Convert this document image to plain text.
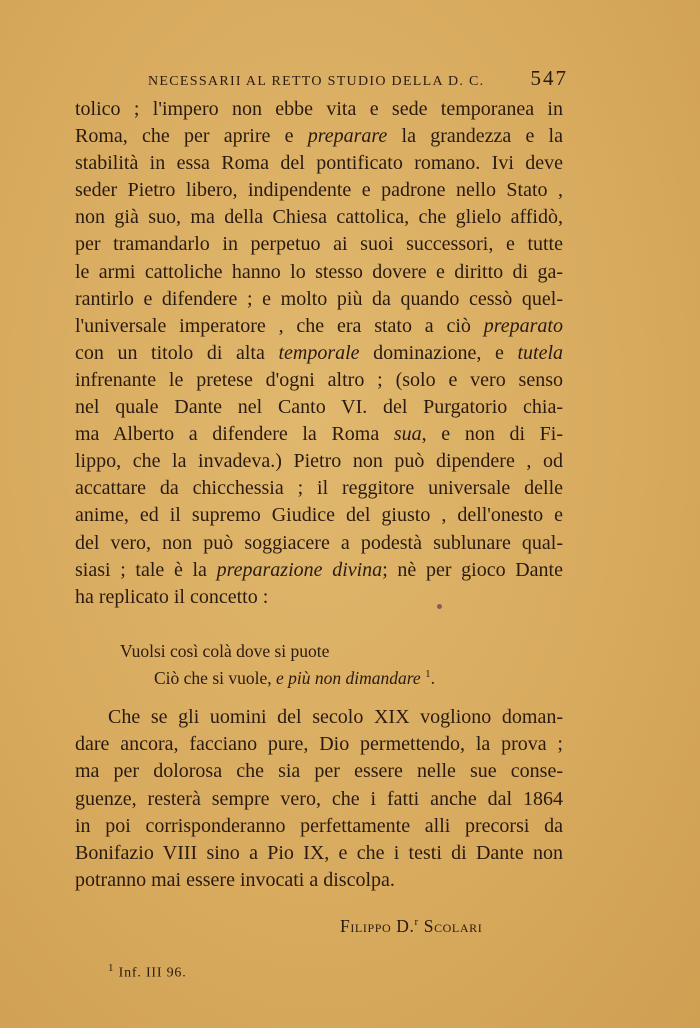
NECESSARII AL RETTO STUDIO DELLA D. C. 547
tolico ; l'impero non ebbe vita e sede temporanea in
Roma, che per aprire e preparare la grandezza e la
stabilità in essa Roma del pontificato romano. Ivi deve
seder Pietro libero, indipendente e padrone nello Stato ,
non già suo, ma della Chiesa cattolica, che glielo affidò,
per tramandarlo in perpetuo ai suoi successori, e tutte
le armi cattoliche hanno lo stesso dovere e diritto di ga-
rantirlo e difendere ; e molto più da quando cessò quel-
l'universale imperatore , che era stato a ciò preparato
con un titolo di alta temporale dominazione, e tutela
infrenante le pretese d'ogni altro ; (solo e vero senso
nel quale Dante nel Canto VI. del Purgatorio chia-
ma Alberto a difendere la Roma sua, e non di Fi-
lippo, che la invadeva.) Pietro non può dipendere , od
accattare da chicchessia ; il reggitore universale delle
anime, ed il supremo Giudice del giusto , dell'onesto e
del vero, non può soggiacere a podestà sublunare qual-
siasi ; tale è la preparazione divina; nè per gioco Dante
ha replicato il concetto :
Vuolsi così colà dove si puote
Ciò che si vuole, e più non dimandare $^1$.
Che se gli uomini del secolo XIX vogliono doman-
dare ancora, facciano pure, Dio permettendo, la prova ;
ma per dolorosa che sia per essere nelle sue conse-
guenze, resterà sempre vero, che i fatti anche dal 1864
in poi corrisponderanno perfettamente alli precorsi da
Bonifazio VIII sino a Pio IX, e che i testi di Dante non
potranno mai essere invocati a discolpa.
Filippo D.$^r$ Scolari
$^1$ Inf. III 96.
